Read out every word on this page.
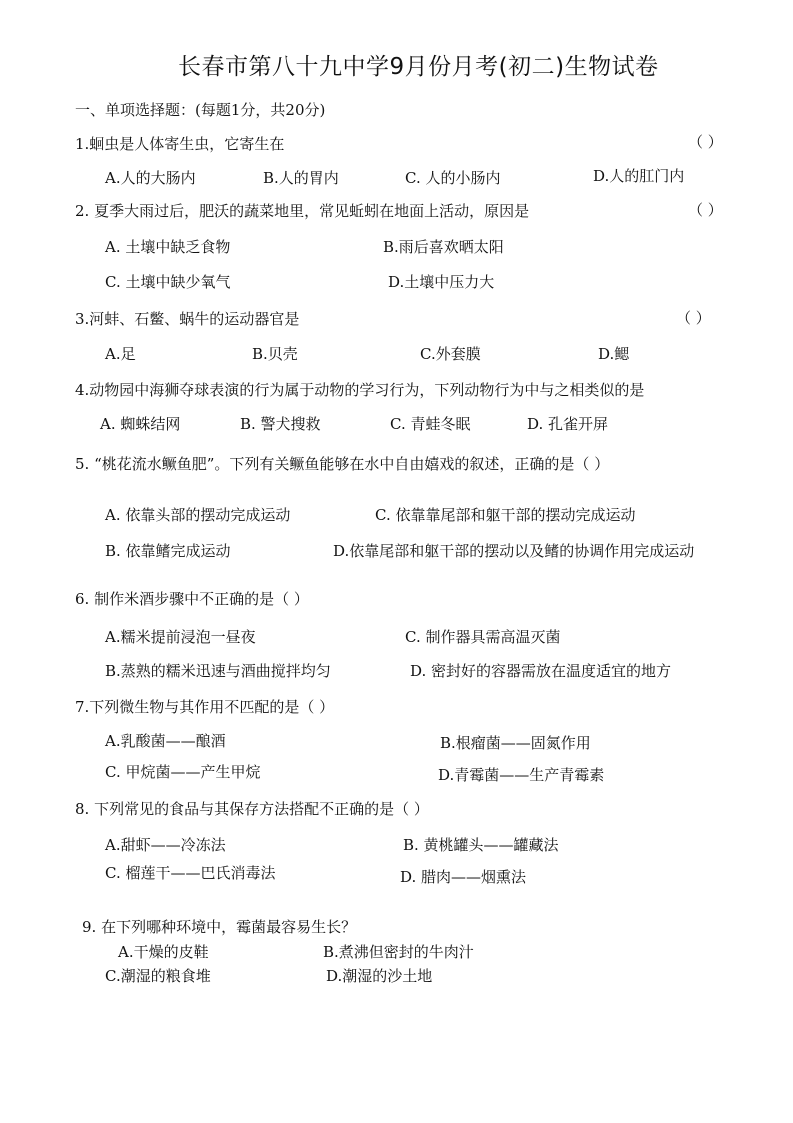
长春市第八十九中学9月份月考(初二)生物试卷
一、单项选择题：(每题1分，共20分)
1.蛔虫是人体寄生虫，它寄生在	（ ）
A.人的大肠内	B.人的胃内	C. 人的小肠内	D.人的肛门内
2. 夏季大雨过后，肥沃的蔬菜地里，常见蚯蚓在地面上活动，原因是	（ ）
A. 土壤中缺乏食物	B.雨后喜欢晒太阳
C. 土壤中缺少氧气	D.土壤中压力大
3.河蚌、石鳖、蜗牛的运动器官是	（ ）
A.足	B.贝壳	C.外套膜	D.鳃
4.动物园中海狮夺球表演的行为属于动物的学习行为，下列动物行为中与之相类似的是
A. 蜘蛛结网	B. 警犬搜救	C. 青蛙冬眠	D. 孔雀开屏
5. “桃花流水鳜鱼肥”。下列有关鳜鱼能够在水中自由嬉戏的叙述，正确的是（ ）
A. 依靠头部的摆动完成运动	C. 依靠靠尾部和躯干部的摆动完成运动
B. 依靠鳍完成运动	D.依靠尾部和躯干部的摆动以及鳍的协调作用完成运动
6. 制作米酒步骤中不正确的是（ ）
A.糯米提前浸泡一昼夜	C. 制作器具需高温灭菌
B.蒸熟的糯米迅速与酒曲搅拌均匀	D. 密封好的容器需放在温度适宜的地方
7.下列微生物与其作用不匹配的是（ ）
A.乳酸菌——酿酒	B.根瘤菌——固氮作用
C. 甲烷菌——产生甲烷	D.青霉菌——生产青霉素
8. 下列常见的食品与其保存方法搭配不正确的是（ ）
A.甜虾——冷冻法	B. 黄桃罐头——罐藏法
C. 榴莲干——巴氏消毒法	D. 腊肉——烟熏法
9. 在下列哪种环境中，霉菌最容易生长？
A.干燥的皮鞋	B.煮沸但密封的牛肉汁
C.潮湿的粮食堆	D.潮湿的沙土地
